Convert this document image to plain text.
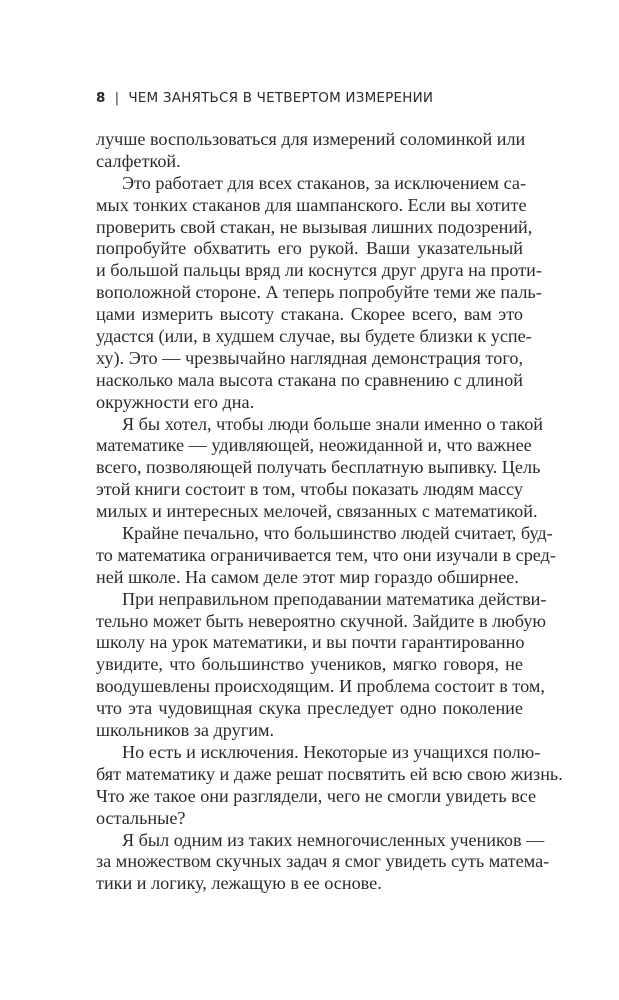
8 | ЧЕМ ЗАНЯТЬСЯ В ЧЕТВЕРТОМ ИЗМЕРЕНИИ
лучше воспользоваться для измерений соломинкой или
салфеткой.
Это работает для всех стаканов, за исключением са-
мых тонких стаканов для шампанского. Если вы хотите
проверить свой стакан, не вызывая лишних подозрений,
попробуйте обхватить его рукой. Ваши указательный
и большой пальцы вряд ли коснутся друг друга на проти-
воположной стороне. А теперь попробуйте теми же паль-
цами измерить высоту стакана. Скорее всего, вам это
удастся (или, в худшем случае, вы будете близки к успе-
ху). Это — чрезвычайно наглядная демонстрация того,
насколько мала высота стакана по сравнению с длиной
окружности его дна.
Я бы хотел, чтобы люди больше знали именно о такой
математике — удивляющей, неожиданной и, что важнее
всего, позволяющей получать бесплатную выпивку. Цель
этой книги состоит в том, чтобы показать людям массу
милых и интересных мелочей, связанных с математикой.
Крайне печально, что большинство людей считает, буд-
то математика ограничивается тем, что они изучали в сред-
ней школе. На самом деле этот мир гораздо обширнее.
При неправильном преподавании математика действи-
тельно может быть невероятно скучной. Зайдите в любую
школу на урок математики, и вы почти гарантированно
увидите, что большинство учеников, мягко говоря, не
воодушевлены происходящим. И проблема состоит в том,
что эта чудовищная скука преследует одно поколение
школьников за другим.
Но есть и исключения. Некоторые из учащихся полю-
бят математику и даже решат посвятить ей всю свою жизнь.
Что же такое они разглядели, чего не смогли увидеть все
остальные?
Я был одним из таких немногочисленных учеников —
за множеством скучных задач я смог увидеть суть матема-
тики и логику, лежащую в ее основе.
